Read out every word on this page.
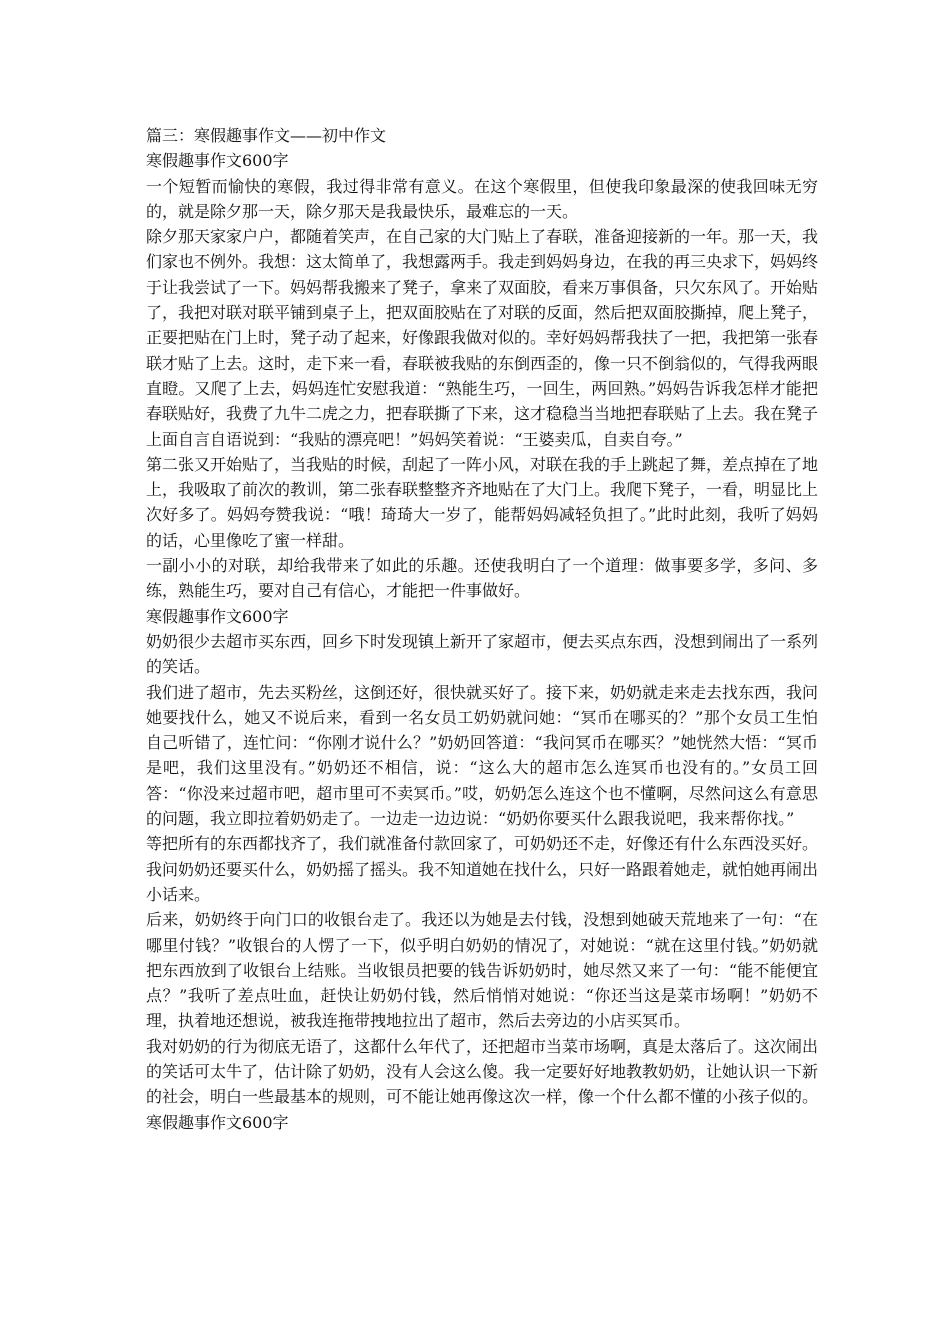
篇三：寒假趣事作文——初中作文

寒假趣事作文600字

一个短暂而愉快的寒假，我过得非常有意义。在这个寒假里，但使我印象最深的使我回味无穷的，就是除夕那一天，除夕那天是我最快乐，最难忘的一天。

除夕那天家家户户，都随着笑声，在自己家的大门贴上了春联，准备迎接新的一年。那一天，我们家也不例外。我想：这太简单了，我想露两手。我走到妈妈身边，在我的再三央求下，妈妈终于让我尝试了一下。妈妈帮我搬来了凳子，拿来了双面胶，看来万事俱备，只欠东风了。开始贴了，我把对联对联平铺到桌子上，把双面胶贴在了对联的反面，然后把双面胶撕掉，爬上凳子，正要把贴在门上时，凳子动了起来，好像跟我做对似的。幸好妈妈帮我扶了一把，我把第一张春联才贴了上去。这时，走下来一看，春联被我贴的东倒西歪的，像一只不倒翁似的，气得我两眼直瞪。又爬了上去，妈妈连忙安慰我道：“熟能生巧，一回生，两回熟。”妈妈告诉我怎样才能把春联贴好，我费了九牛二虎之力，把春联撕了下来，这才稳稳当当地把春联贴了上去。我在凳子上面自言自语说到：“我贴的漂亮吧！”妈妈笑着说：“王婆卖瓜，自卖自夸。”

第二张又开始贴了，当我贴的时候，刮起了一阵小风，对联在我的手上跳起了舞，差点掉在了地上，我吸取了前次的教训，第二张春联整整齐齐地贴在了大门上。我爬下凳子，一看，明显比上次好多了。妈妈夸赞我说：“哦！琦琦大一岁了，能帮妈妈减轻负担了。”此时此刻，我听了妈妈的话，心里像吃了蜜一样甜。

一副小小的对联，却给我带来了如此的乐趣。还使我明白了一个道理：做事要多学，多问、多练，熟能生巧，要对自己有信心，才能把一件事做好。

寒假趣事作文600字

奶奶很少去超市买东西，回乡下时发现镇上新开了家超市，便去买点东西，没想到闹出了一系列的笑话。

我们进了超市，先去买粉丝，这倒还好，很快就买好了。接下来，奶奶就走来走去找东西，我问她要找什么，她又不说后来，看到一名女员工奶奶就问她：“冥币在哪买的？”那个女员工生怕自己听错了，连忙问：“你刚才说什么？”奶奶回答道：“我问冥币在哪买？”她恍然大悟：“冥币是吧，我们这里没有。”奶奶还不相信，说：“这么大的超市怎么连冥币也没有的。”女员工回答：“你没来过超市吧，超市里可不卖冥币。”哎，奶奶怎么连这个也不懂啊，尽然问这么有意思的问题，我立即拉着奶奶走了。一边走一边边说：“奶奶你要买什么跟我说吧，我来帮你找。”

等把所有的东西都找齐了，我们就准备付款回家了，可奶奶还不走，好像还有什么东西没买好。我问奶奶还要买什么，奶奶摇了摇头。我不知道她在找什么，只好一路跟着她走，就怕她再闹出小话来。

后来，奶奶终于向门口的收银台走了。我还以为她是去付钱，没想到她破天荒地来了一句：“在哪里付钱？”收银台的人愣了一下，似乎明白奶奶的情况了，对她说：“就在这里付钱。”奶奶就把东西放到了收银台上结账。当收银员把要的钱告诉奶奶时，她尽然又来了一句：“能不能便宜点？”我听了差点吐血，赶快让奶奶付钱，然后悄悄对她说：“你还当这是菜市场啊！”奶奶不理，执着地还想说，被我连拖带拽地拉出了超市，然后去旁边的小店买冥币。

我对奶奶的行为彻底无语了，这都什么年代了，还把超市当菜市场啊，真是太落后了。这次闹出的笑话可太牛了，估计除了奶奶，没有人会这么傻。我一定要好好地教教奶奶，让她认识一下新的社会，明白一些最基本的规则，可不能让她再像这次一样，像一个什么都不懂的小孩子似的。

寒假趣事作文600字
